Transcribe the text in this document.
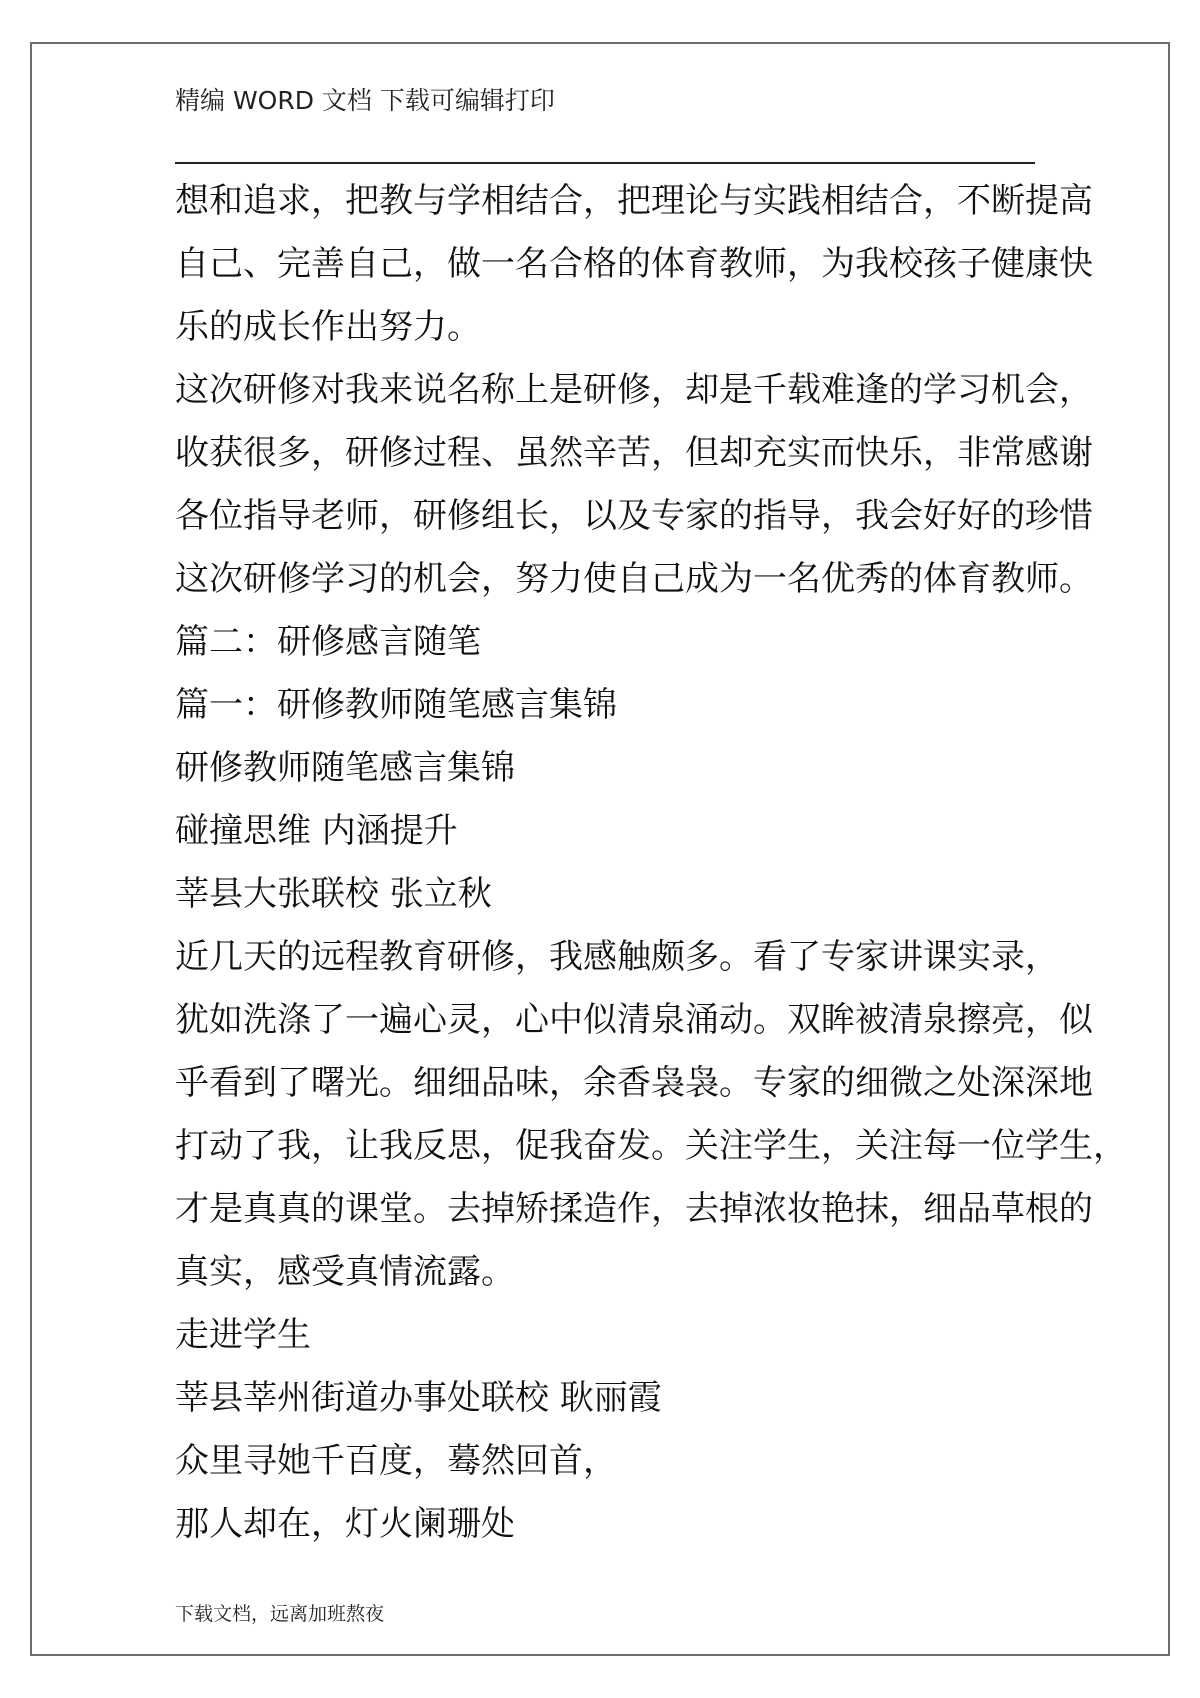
精编 WORD 文档 下载可编辑打印

想和追求，把教与学相结合，把理论与实践相结合，不断提高

自己、完善自己，做一名合格的体育教师，为我校孩子健康快

乐的成长作出努力。

这次研修对我来说名称上是研修，却是千载难逢的学习机会，

收获很多，研修过程、虽然辛苦，但却充实而快乐，非常感谢

各位指导老师，研修组长，以及专家的指导，我会好好的珍惜

这次研修学习的机会，努力使自己成为一名优秀的体育教师。

篇二：研修感言随笔

篇一：研修教师随笔感言集锦

研修教师随笔感言集锦

碰撞思维 内涵提升

莘县大张联校 张立秋

近几天的远程教育研修，我感触颇多。看了专家讲课实录，

犹如洗涤了一遍心灵，心中似清泉涌动。双眸被清泉擦亮，似

乎看到了曙光。细细品味，余香袅袅。专家的细微之处深深地

打动了我，让我反思，促我奋发。关注学生，关注每一位学生，

才是真真的课堂。去掉矫揉造作，去掉浓妆艳抹，细品草根的

真实，感受真情流露。

走进学生

莘县莘州街道办事处联校 耿丽霞

众里寻她千百度，蓦然回首，

那人却在，灯火阑珊处

下载文档，远离加班熬夜
